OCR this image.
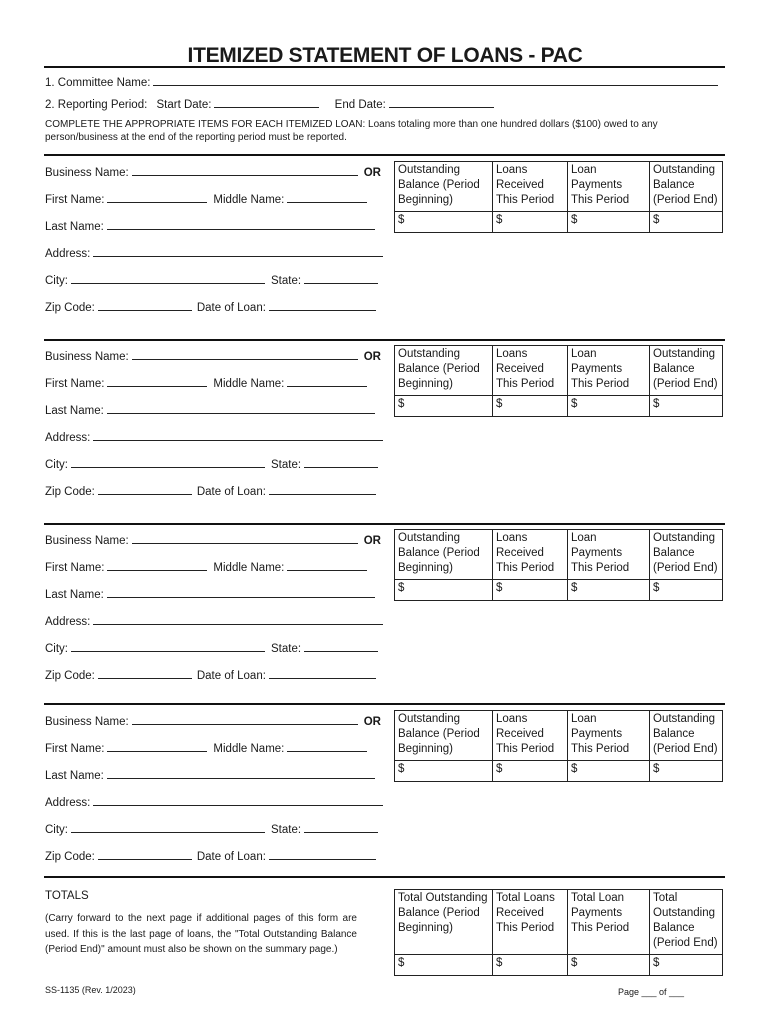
ITEMIZED STATEMENT OF LOANS - PAC
1. Committee Name:
2. Reporting Period: Start Date:	End Date:
COMPLETE THE APPROPRIATE ITEMS FOR EACH ITEMIZED LOAN: Loans totaling more than one hundred dollars ($100) owed to any person/business at the end of the reporting period must be reported.
Business Name:	OR
First Name:	Middle Name:
Last Name:
Address:
City:	State:
Zip Code:	Date of Loan:
Outstanding Balance (Period Beginning)	Loans Received This Period	Loan Payments This Period	Outstanding Balance (Period End)
$	$	$	$
Business Name:	OR
First Name:	Middle Name:
Last Name:
Address:
City:	State:
Zip Code:	Date of Loan:
Outstanding Balance (Period Beginning)	Loans Received This Period	Loan Payments This Period	Outstanding Balance (Period End)
$	$	$	$
Business Name:	OR
First Name:	Middle Name:
Last Name:
Address:
City:	State:
Zip Code:	Date of Loan:
Outstanding Balance (Period Beginning)	Loans Received This Period	Loan Payments This Period	Outstanding Balance (Period End)
$	$	$	$
Business Name:	OR
First Name:	Middle Name:
Last Name:
Address:
City:	State:
Zip Code:	Date of Loan:
Outstanding Balance (Period Beginning)	Loans Received This Period	Loan Payments This Period	Outstanding Balance (Period End)
$	$	$	$
TOTALS
(Carry forward to the next page if additional pages of this form are used. If this is the last page of loans, the "Total Outstanding Balance (Period End)" amount must also be shown on the summary page.)
Total Outstanding Balance (Period Beginning)	Total Loans Received This Period	Total Loan Payments This Period	Total Outstanding Balance (Period End)
$	$	$	$
SS-1135 (Rev. 1/2023)	Page ___ of ___
